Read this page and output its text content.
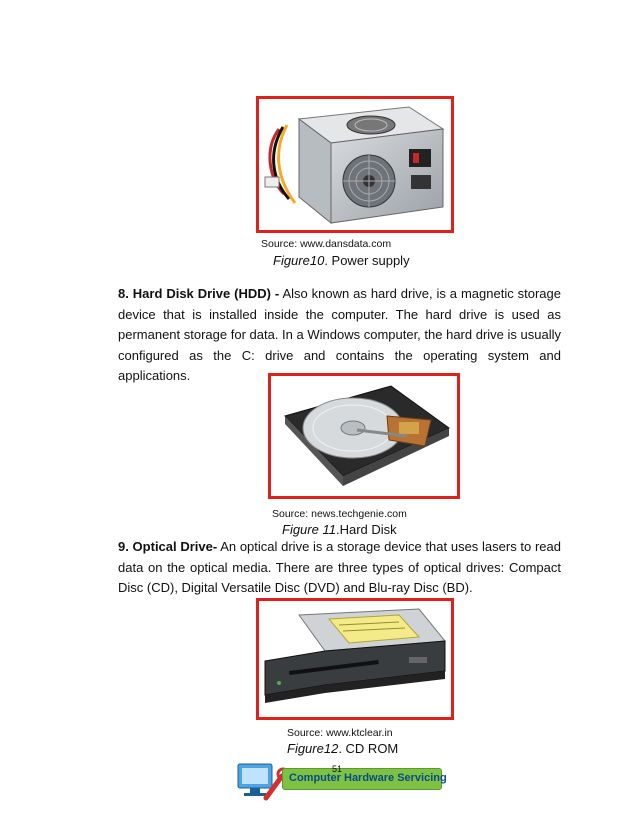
Source: www.dansdata.com
Figure10. Power supply
8. Hard Disk Drive (HDD) - Also known as hard drive, is a magnetic storage device that is installed inside the computer. The hard drive is used as permanent storage for data. In a Windows computer, the hard drive is usually configured as the C: drive and contains the operating system and applications.
Source: news.techgenie.com
Figure 11.Hard Disk
9. Optical Drive- An optical drive is a storage device that uses lasers to read data on the optical media. There are three types of optical drives: Compact Disc (CD), Digital Versatile Disc (DVD) and Blu-ray Disc (BD).
Source: www.ktclear.in
Figure12. CD ROM
Computer Hardware Servicing
51
